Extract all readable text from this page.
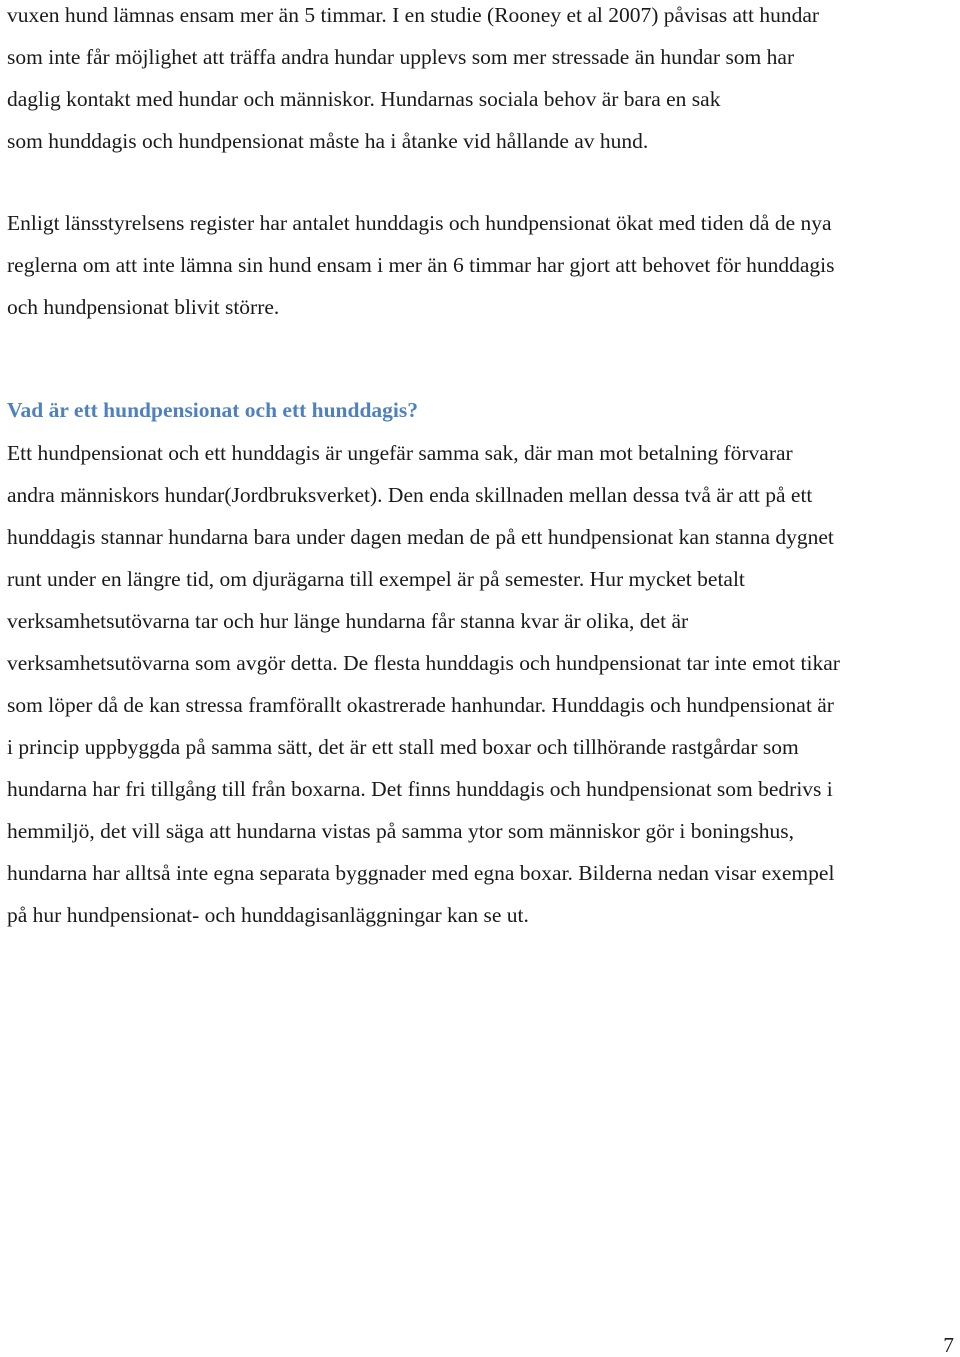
vuxen hund lämnas ensam mer än 5 timmar. I en studie (Rooney et al 2007) påvisas att hundar
som inte får möjlighet att träffa andra hundar upplevs som mer stressade än hundar som har
daglig kontakt med hundar och människor. Hundarnas sociala behov är bara en sak
som hunddagis och hundpensionat måste ha i åtanke vid hållande av hund.

Enligt länsstyrelsens register har antalet hunddagis och hundpensionat ökat med tiden då de nya
reglerna om att inte lämna sin hund ensam i mer än 6 timmar har gjort att behovet för hunddagis
och hundpensionat blivit större.

Vad är ett hundpensionat och ett hunddagis?

Ett hundpensionat och ett hunddagis är ungefär samma sak, där man mot betalning förvarar
andra människors hundar(Jordbruksverket). Den enda skillnaden mellan dessa två är att på ett
hunddagis stannar hundarna bara under dagen medan de på ett hundpensionat kan stanna dygnet
runt under en längre tid, om djurägarna till exempel är på semester. Hur mycket betalt
verksamhetsutövarna tar och hur länge hundarna får stanna kvar är olika, det är
verksamhetsutövarna som avgör detta. De flesta hunddagis och hundpensionat tar inte emot tikar
som löper då de kan stressa framförallt okastrerade hanhundar. Hunddagis och hundpensionat är
i princip uppbyggda på samma sätt, det är ett stall med boxar och tillhörande rastgårdar som
hundarna har fri tillgång till från boxarna. Det finns hunddagis och hundpensionat som bedrivs i
hemmiljö, det vill säga att hundarna vistas på samma ytor som människor gör i boningshus,
hundarna har alltså inte egna separata byggnader med egna boxar. Bilderna nedan visar exempel
på hur hundpensionat- och hunddagisanläggningar kan se ut.

7
